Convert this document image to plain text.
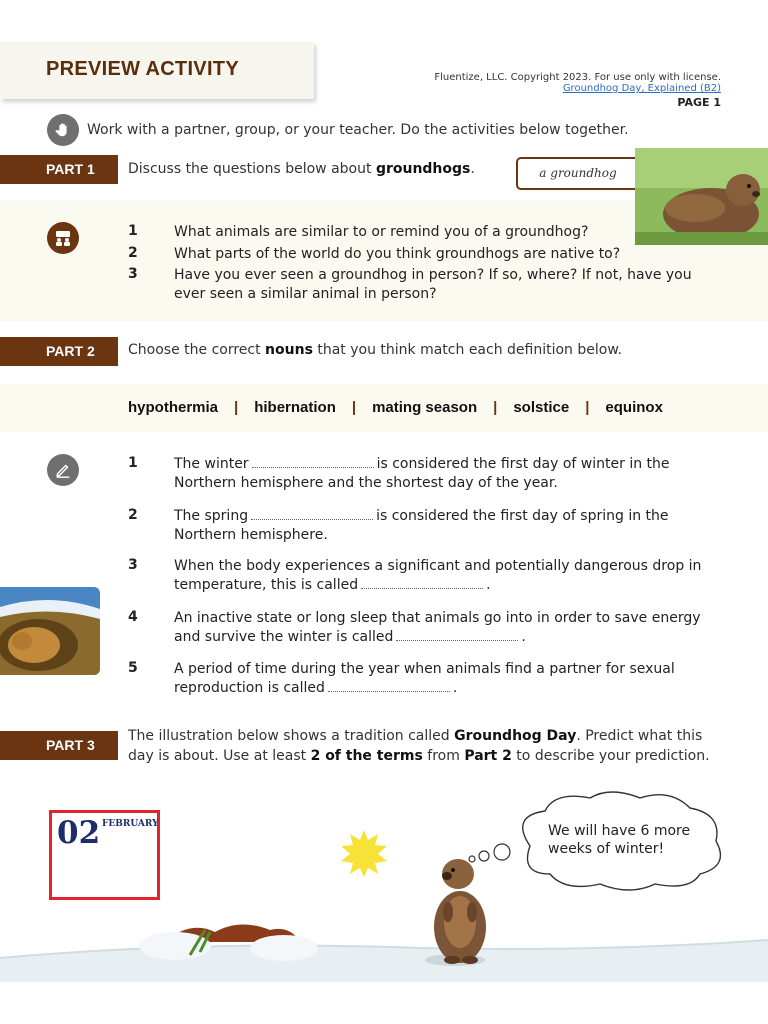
PREVIEW ACTIVITY	Fluentize, LLC. Copyright 2023. For use only with license.
Groundhog Day, Explained (B2)
PAGE 1
Work with a partner, group, or your teacher. Do the activities below together.
PART 1	Discuss the questions below about groundhogs.	a groundhog
1	What animals are similar to or remind you of a groundhog?
2	What parts of the world do you think groundhogs are native to?
3	Have you ever seen a groundhog in person? If so, where? If not, have you ever seen a similar animal in person?
PART 2	Choose the correct nouns that you think match each definition below.
hypothermia | hibernation | mating season | solstice | equinox
1	The winter	is considered the first day of winter in the Northern hemisphere and the shortest day of the year.
2	The spring	is considered the first day of spring in the Northern hemisphere.
3	When the body experiences a significant and potentially dangerous drop in temperature, this is called	.
4	An inactive state or long sleep that animals go into in order to save energy and survive the winter is called	.
5	A period of time during the year when animals find a partner for sexual reproduction is called	.
PART 3
The illustration below shows a tradition called Groundhog Day. Predict what this day is about. Use at least 2 of the terms from Part 2 to describe your prediction.
02 FEBRUARY	We will have 6 more weeks of winter!
